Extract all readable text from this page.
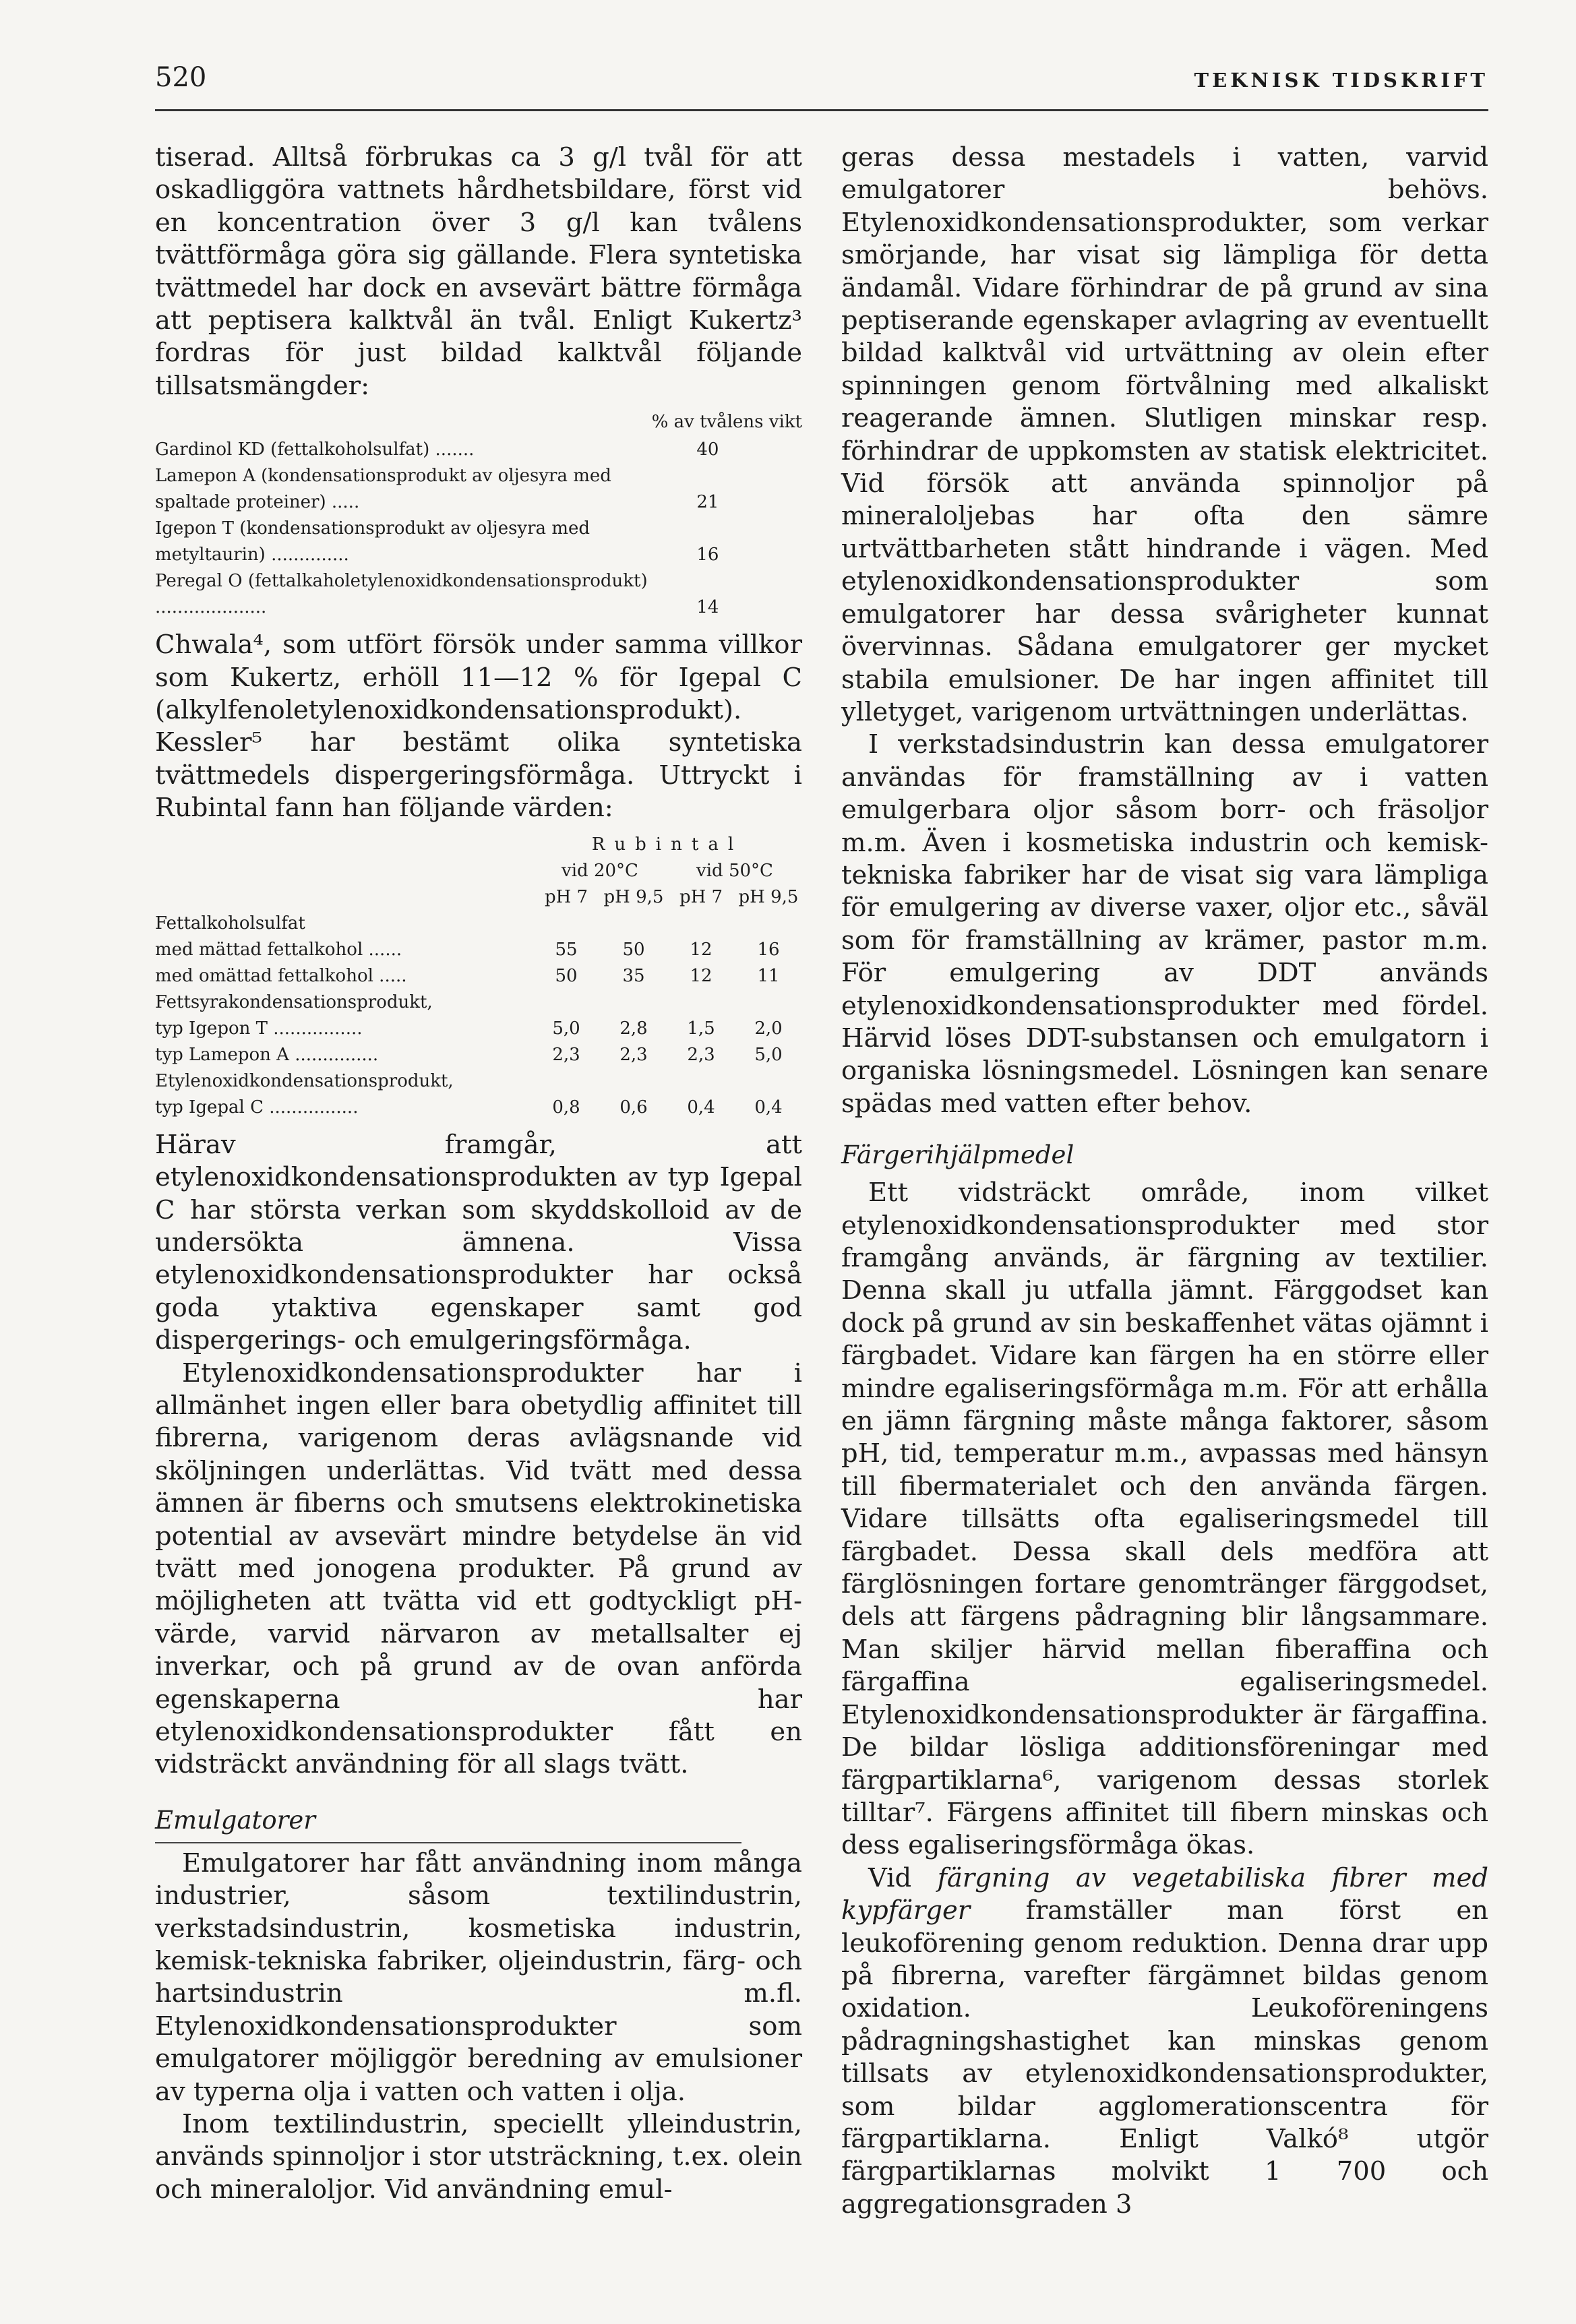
520	TEKNISK TIDSKRIFT

tiserad. Alltså förbrukas ca 3 g/l tvål för att oskadliggöra vattnets hårdhetsbildare, först vid en koncentration över 3 g/l kan tvålens tvättförmåga göra sig gällande. Flera syntetiska tvättmedel har dock en avsevärt bättre förmåga att peptisera kalktvål än tvål. Enligt Kukertz³ fordras för just bildad kalktvål följande tillsatsmängder:

% av tvålens vikt
Gardinol KD (fettalkoholsulfat) .......	40
Lamepon A (kondensationsprodukt av oljesyra med spaltade proteiner) .....	21
Igepon T (kondensationsprodukt av oljesyra med metyltaurin) ..............	16
Peregal O (fettalkaholetylenoxidkondensationsprodukt) ....................	14

Chwala⁴, som utfört försök under samma villkor som Kukertz, erhöll 11—12 % för Igepal C (alkylfenoletylenoxidkondensationsprodukt).

Kessler⁵ har bestämt olika syntetiska tvättmedels dispergeringsförmåga. Uttryckt i Rubintal fann han följande värden:

Rubintal
vid 20°C	vid 50°C
pH 7 pH 9,5 pH 7 pH 9,5
Fettalkoholsulfat
med mättad fettalkohol ......	55	50	12	16
med omättad fettalkohol .....	50	35	12	11
Fettsyrakondensationsprodukt,
typ Igepon T ................	5,0	2,8	1,5	2,0
typ Lamepon A ...............	2,3	2,3	2,3	5,0
Etylenoxidkondensationsprodukt,
typ Igepal C ................	0,8	0,6	0,4	0,4

Härav framgår, att etylenoxidkondensationsprodukten av typ Igepal C har största verkan som skyddskolloid av de undersökta ämnena. Vissa etylenoxidkondensationsprodukter har också goda ytaktiva egenskaper samt god dispergerings- och emulgeringsförmåga.

Etylenoxidkondensationsprodukter har i allmänhet ingen eller bara obetydlig affinitet till fibrerna, varigenom deras avlägsnande vid sköljningen underlättas. Vid tvätt med dessa ämnen är fiberns och smutsens elektrokinetiska potential av avsevärt mindre betydelse än vid tvätt med jonogena produkter. På grund av möjligheten att tvätta vid ett godtyckligt pH-värde, varvid närvaron av metallsalter ej inverkar, och på grund av de ovan anförda egenskaperna har etylenoxidkondensationsprodukter fått en vidsträckt användning för all slags tvätt.

Emulgatorer

Emulgatorer har fått användning inom många industrier, såsom textilindustrin, verkstadsindustrin, kosmetiska industrin, kemisk-tekniska fabriker, oljeindustrin, färg- och hartsindustrin m.fl. Etylenoxidkondensationsprodukter som emulgatorer möjliggör beredning av emulsioner av typerna olja i vatten och vatten i olja.

Inom textilindustrin, speciellt ylleindustrin, används spinnoljor i stor utsträckning, t.ex. olein och mineraloljor. Vid användning emul-

geras dessa mestadels i vatten, varvid emulgatorer behövs. Etylenoxidkondensationsprodukter, som verkar smörjande, har visat sig lämpliga för detta ändamål. Vidare förhindrar de på grund av sina peptiserande egenskaper avlagring av eventuellt bildad kalktvål vid urtvättning av olein efter spinningen genom förtvålning med alkaliskt reagerande ämnen. Slutligen minskar resp. förhindrar de uppkomsten av statisk elektricitet. Vid försök att använda spinnoljor på mineraloljebas har ofta den sämre urtvättbarheten stått hindrande i vägen. Med etylenoxidkondensationsprodukter som emulgatorer har dessa svårigheter kunnat övervinnas. Sådana emulgatorer ger mycket stabila emulsioner. De har ingen affinitet till ylletyget, varigenom urtvättningen underlättas.

I verkstadsindustrin kan dessa emulgatorer användas för framställning av i vatten emulgerbara oljor såsom borr- och fräsoljor m.m. Även i kosmetiska industrin och kemisk-tekniska fabriker har de visat sig vara lämpliga för emulgering av diverse vaxer, oljor etc., såväl som för framställning av krämer, pastor m.m. För emulgering av DDT används etylenoxidkondensationsprodukter med fördel. Härvid löses DDT-substansen och emulgatorn i organiska lösningsmedel. Lösningen kan senare spädas med vatten efter behov.

Färgerihjälpmedel

Ett vidsträckt område, inom vilket etylenoxidkondensationsprodukter med stor framgång används, är färgning av textilier. Denna skall ju utfalla jämnt. Färggodset kan dock på grund av sin beskaffenhet vätas ojämnt i färgbadet. Vidare kan färgen ha en större eller mindre egaliseringsförmåga m.m. För att erhålla en jämn färgning måste många faktorer, såsom pH, tid, temperatur m.m., avpassas med hänsyn till fibermaterialet och den använda färgen. Vidare tillsätts ofta egaliseringsmedel till färgbadet. Dessa skall dels medföra att färglösningen fortare genomtränger färggodset, dels att färgens pådragning blir långsammare. Man skiljer härvid mellan fiberaffina och färgaffina egaliseringsmedel. Etylenoxidkondensationsprodukter är färgaffina. De bildar lösliga additionsföreningar med färgpartiklarna⁶, varigenom dessas storlek tilltar⁷. Färgens affinitet till fibern minskas och dess egaliseringsförmåga ökas.

Vid färgning av vegetabiliska fibrer med kypfärger framställer man först en leukoförening genom reduktion. Denna drar upp på fibrerna, varefter färgämnet bildas genom oxidation. Leukoföreningens pådragningshastighet kan minskas genom tillsats av etylenoxidkondensationsprodukter, som bildar agglomerationscentra för färgpartiklarna. Enligt Valkó⁸ utgör färgpartiklarnas molvikt 1 700 och aggregationsgraden 3
